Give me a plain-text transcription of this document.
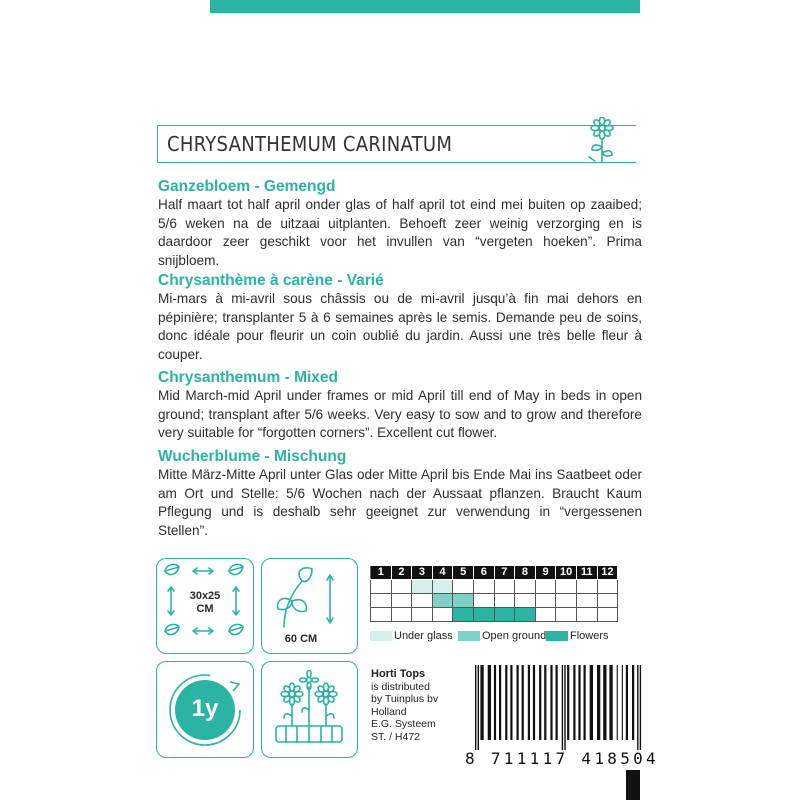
CHRYSANTHEMUM CARINATUM

Ganzebloem - Gemengd

Half maart tot half april onder glas of half april tot eind mei buiten op zaaibed; 5/6 weken na de uitzaai uitplanten. Behoeft zeer weinig verzorging en is daardoor zeer geschikt voor het invullen van “vergeten hoeken”. Prima snijbloem.

Chrysanthème à carène - Varié

Mi-mars à mi-avril sous châssis ou de mi-avril jusqu’à fin mai dehors en pépinière; transplanter 5 à 6 semaines après le semis. Demande peu de soins, donc idéale pour fleurir un coin oublié du jardin. Aussi une très belle fleur à couper.

Chrysanthemum - Mixed

Mid March-mid April under frames or mid April till end of May in beds in open ground; transplant after 5/6 weeks. Very easy to sow and to grow and therefore very suitable for “forgotten corners”. Excellent cut flower.

Wucherblume - Mischung

Mitte März-Mitte April unter Glas oder Mitte April bis Ende Mai ins Saatbeet oder am Ort und Stelle: 5/6 Wochen nach der Aussaat pflanzen. Braucht Kaum Pflegung und is deshalb sehr geeignet zur verwendung in “vergessenen Stellen”.

30x25
CM
60 CM
1y
1	2	3	4	5	6	7	8	9	10	11	12

Under glass	Open ground	Flowers
Horti Tops
is distributed
by Tuinplus bv
Holland
E.G. Systeem
ST. / H472
8 711117 418504
